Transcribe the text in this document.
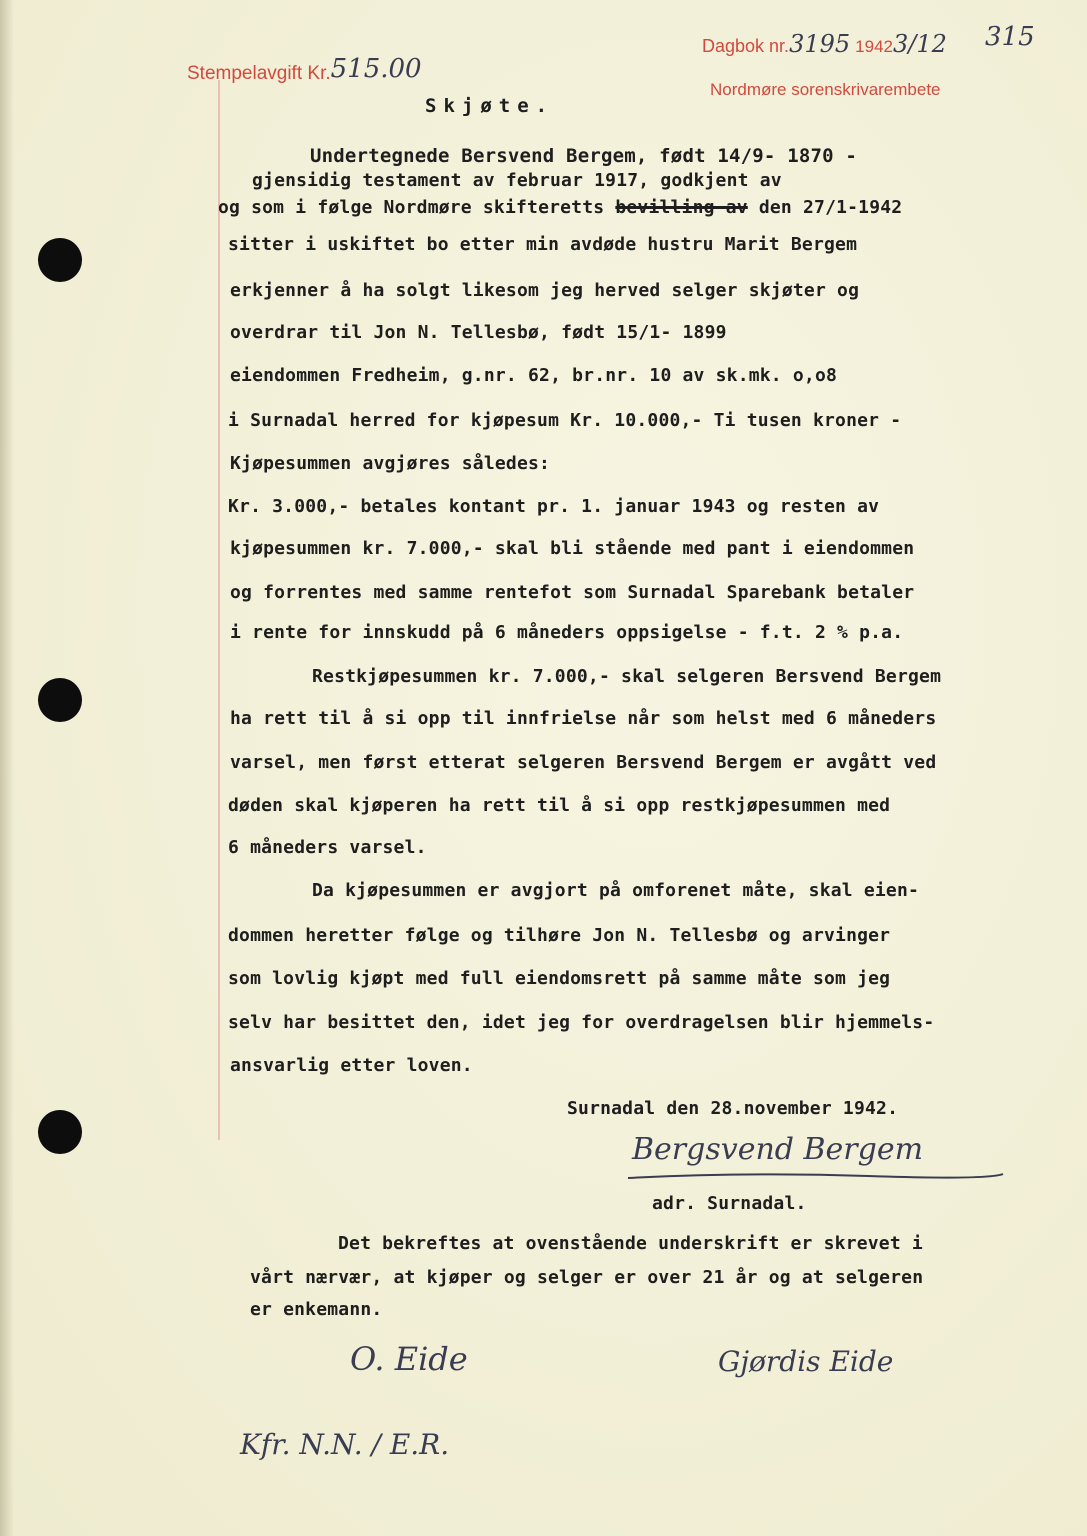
Stempelavgift Kr.515.00
Dagbok nr.3195 19423/12
Nordmøre sorenskrivarembete
315
Skjøte.
Undertegnede Bersvend Bergem, født 14/9- 1870 -
gjensidig testament av februar 1917, godkjent av
og som i følge Nordmøre skifteretts bevilling av den 27/1-1942
sitter i uskiftet bo etter min avdøde hustru Marit Bergem
erkjenner å ha solgt likesom jeg herved selger skjøter og
overdrar til Jon N. Tellesbø, født 15/1- 1899
eiendommen Fredheim, g.nr. 62, br.nr. 10 av sk.mk. o,o8
i Surnadal herred for kjøpesum Kr. 10.000,- Ti tusen kroner -
Kjøpesummen avgjøres således:
Kr. 3.000,- betales kontant pr. 1. januar 1943 og resten av
kjøpesummen kr. 7.000,- skal bli stående med pant i eiendommen
og forrentes med samme rentefot som Surnadal Sparebank betaler
i rente for innskudd på 6 måneders oppsigelse - f.t. 2 % p.a.
Restkjøpesummen kr. 7.000,- skal selgeren Bersvend Bergem
ha rett til å si opp til innfrielse når som helst med 6 måneders
varsel, men først etterat selgeren Bersvend Bergem er avgått ved
døden skal kjøperen ha rett til å si opp restkjøpesummen med
6 måneders varsel.
Da kjøpesummen er avgjort på omforenet måte, skal eien-
dommen heretter følge og tilhøre Jon N. Tellesbø og arvinger
som lovlig kjøpt med full eiendomsrett på samme måte som jeg
selv har besittet den, idet jeg for overdragelsen blir hjemmels-
ansvarlig etter loven.
Surnadal den 28.november 1942.
adr. Surnadal.
Det bekreftes at ovenstående underskrift er skrevet i
vårt nærvær, at kjøper og selger er over 21 år og at selgeren
er enkemann.
Bergsvend Bergem
O. Eide	Gjørdis Eide
Kfr. N.N. / E.R.
